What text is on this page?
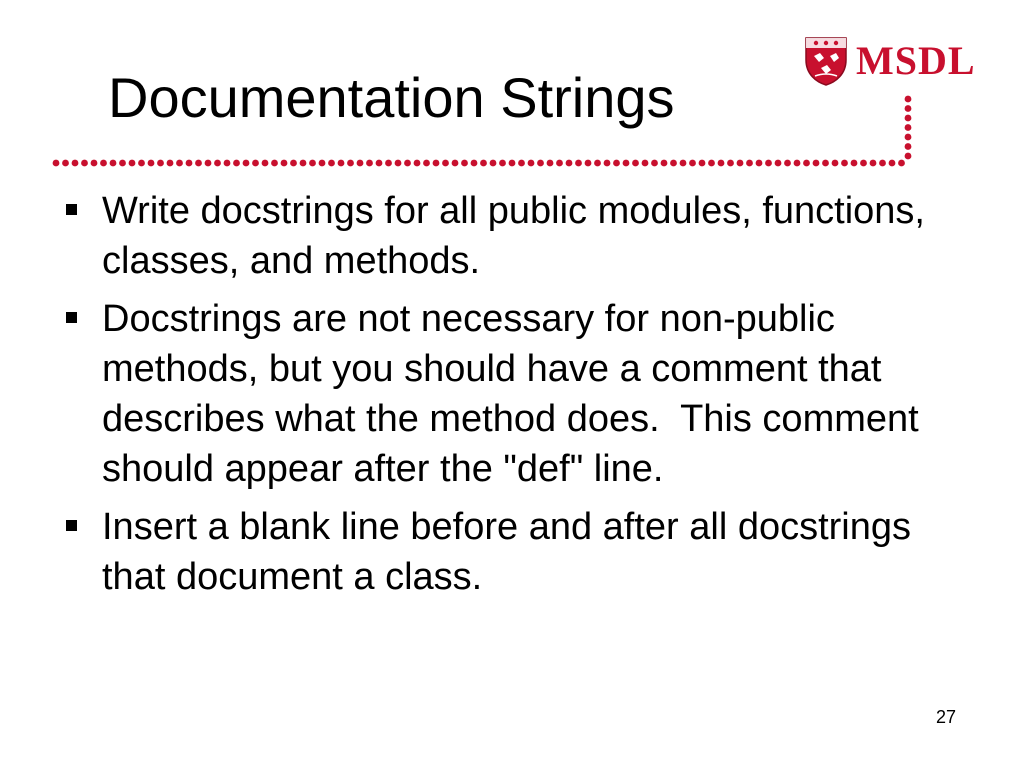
MSDL
Documentation Strings
Write docstrings for all public modules, functions, classes, and methods.
Docstrings are not necessary for non-public methods, but you should have a comment that describes what the method does.  This comment should appear after the "def" line.
Insert a blank line before and after all docstrings that document a class.
27
